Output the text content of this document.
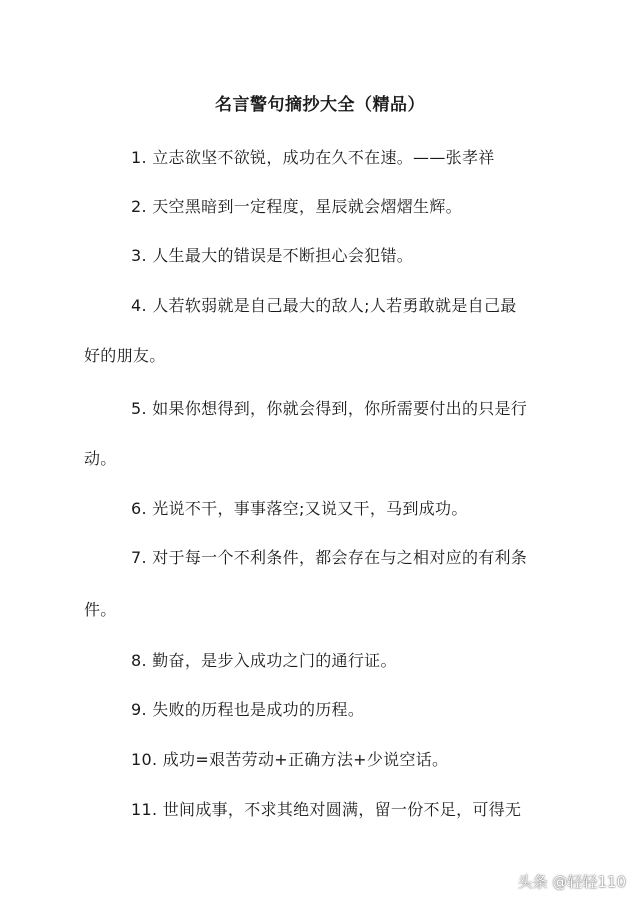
名言警句摘抄大全（精品）
1. 立志欲坚不欲锐，成功在久不在速。——张孝祥
2. 天空黑暗到一定程度，星辰就会熠熠生辉。
3. 人生最大的错误是不断担心会犯错。
4. 人若软弱就是自己最大的敌人;人若勇敢就是自己最
好的朋友。
5. 如果你想得到，你就会得到，你所需要付出的只是行
动。
6. 光说不干，事事落空;又说又干，马到成功。
7. 对于每一个不利条件，都会存在与之相对应的有利条
件。
8. 勤奋，是步入成功之门的通行证。
9. 失败的历程也是成功的历程。
10. 成功=艰苦劳动+正确方法+少说空话。
11. 世间成事，不求其绝对圆满，留一份不足，可得无
头条 @轻轻110
